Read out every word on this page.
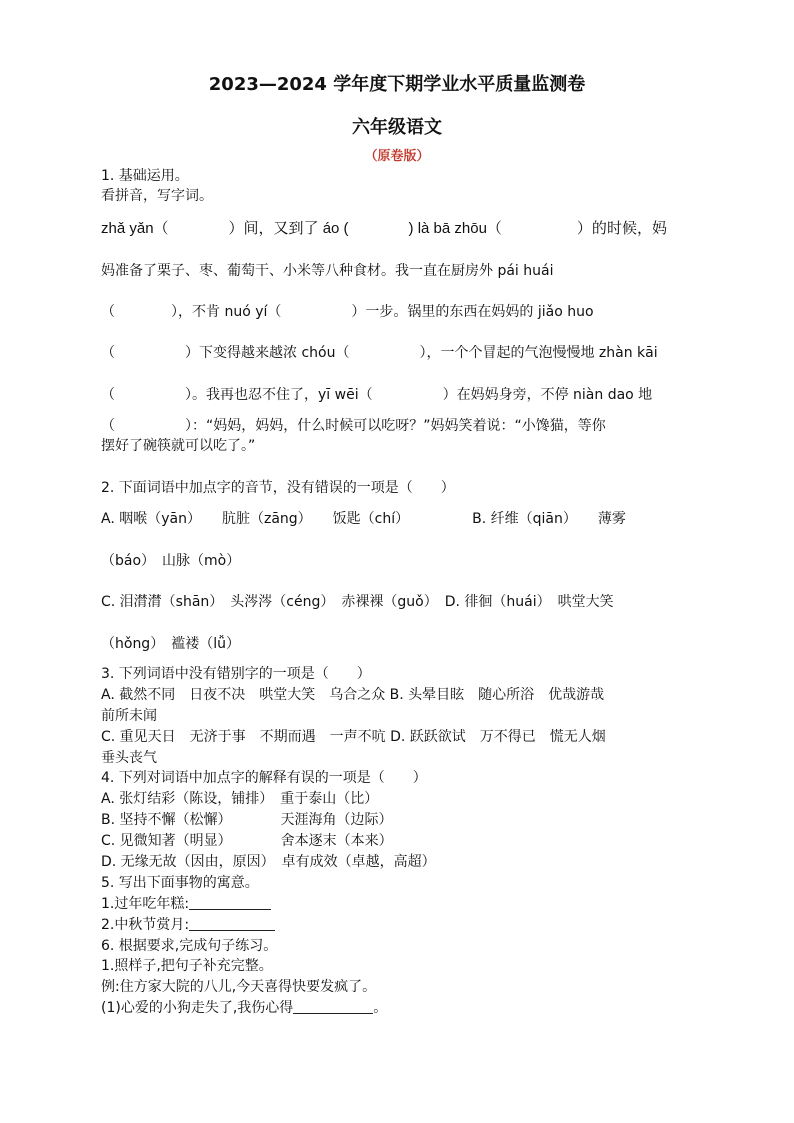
2023—2024 学年度下期学业水平质量监测卷
六年级语文
（原卷版）

1. 基础运用。

看拼音，写字词。

zhǎ yǎn（　　　　）间，又到了 áo (　　　　) là bā zhōu（　　　　　）的时候，妈

妈准备了栗子、枣、葡萄干、小米等八种食材。我一直在厨房外 pái huái

（　　　　），不肯 nuó yí（　　　　　）一步。锅里的东西在妈妈的 jiǎo huo

（　　　　　）下变得越来越浓 chóu（　　　　　），一个个冒起的气泡慢慢地 zhàn kāi

（　　　　　）。我再也忍不住了，yī wēi（　　　　　）在妈妈身旁，不停 niàn dao 地

（　　　　　）：“妈妈，妈妈，什么时候可以吃呀？”妈妈笑着说：“小馋猫，等你

摆好了碗筷就可以吃了。”

2. 下面词语中加点字的音节，没有错误的一项是（　　）

A. 咽喉（yān）　　肮脏（zāng）　　饭匙（chí）　　　　　B. 纤维（qiān）　　薄雾

（báo）　山脉（mò）

C. 泪潸潸（shān）　头涔涔（céng）　赤裸裸（guǒ）　D. 徘徊（huái）　哄堂大笑

（hǒng）　褴褛（lǚ）

3. 下列词语中没有错别字的一项是（　　）

A. 截然不同　日夜不决　哄堂大笑　乌合之众 B. 头晕目眩　随心所浴　优哉游哉

前所未闻

C. 重见天日　无济于事　不期而遇　一声不吭 D. 跃跃欲试　万不得已　慌无人烟

垂头丧气

4. 下列对词语中加点字的解释有误的一项是（　　）

A. 张灯结彩（陈设，铺排）　重于泰山（比）

B. 坚持不懈（松懈）　　　　天涯海角（边际）

C. 见微知著（明显）　　　　舍本逐末（本来）

D. 无缘无故（因由，原因）　卓有成效（卓越，高超）

5. 写出下面事物的寓意。

1.过年吃年糕:

2.中秋节赏月:

6. 根据要求,完成句子练习。

1.照样子,把句子补充完整。

例:住方家大院的八儿,今天喜得快要发疯了。

(1)心爱的小狗走失了,我伤心得	。
